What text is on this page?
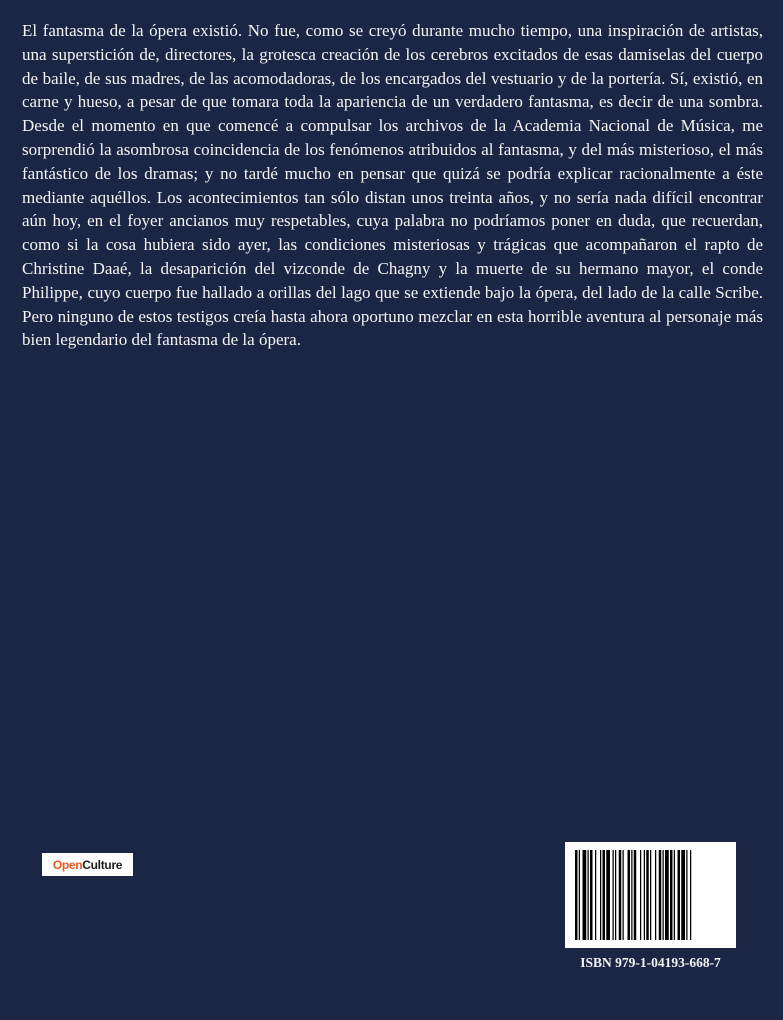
El fantasma de la ópera existió. No fue, como se creyó durante mucho tiempo, una inspiración de artistas, una superstición de, directores, la grotesca creación de los cerebros excitados de esas damiselas del cuerpo de baile, de sus madres, de las acomodadoras, de los encargados del vestuario y de la portería. Sí, existió, en carne y hueso, a pesar de que tomara toda la apariencia de un verdadero fantasma, es decir de una sombra. Desde el momento en que comencé a compulsar los archivos de la Academia Nacional de Música, me sorprendió la asombrosa coincidencia de los fenómenos atribuidos al fantasma, y del más misterioso, el más fantástico de los dramas; y no tardé mucho en pensar que quizá se podría explicar racionalmente a éste mediante aquéllos. Los acontecimientos tan sólo distan unos treinta años, y no sería nada difícil encontrar aún hoy, en el foyer ancianos muy respetables, cuya palabra no podríamos poner en duda, que recuerdan, como si la cosa hubiera sido ayer, las condiciones misteriosas y trágicas que acompañaron el rapto de Christine Daaé, la desaparición del vizconde de Chagny y la muerte de su hermano mayor, el conde Philippe, cuyo cuerpo fue hallado a orillas del lago que se extiende bajo la ópera, del lado de la calle Scribe. Pero ninguno de estos testigos creía hasta ahora oportuno mezclar en esta horrible aventura al personaje más bien legendario del fantasma de la ópera.

Open Culture
ISBN 979-1-04193-668-7
